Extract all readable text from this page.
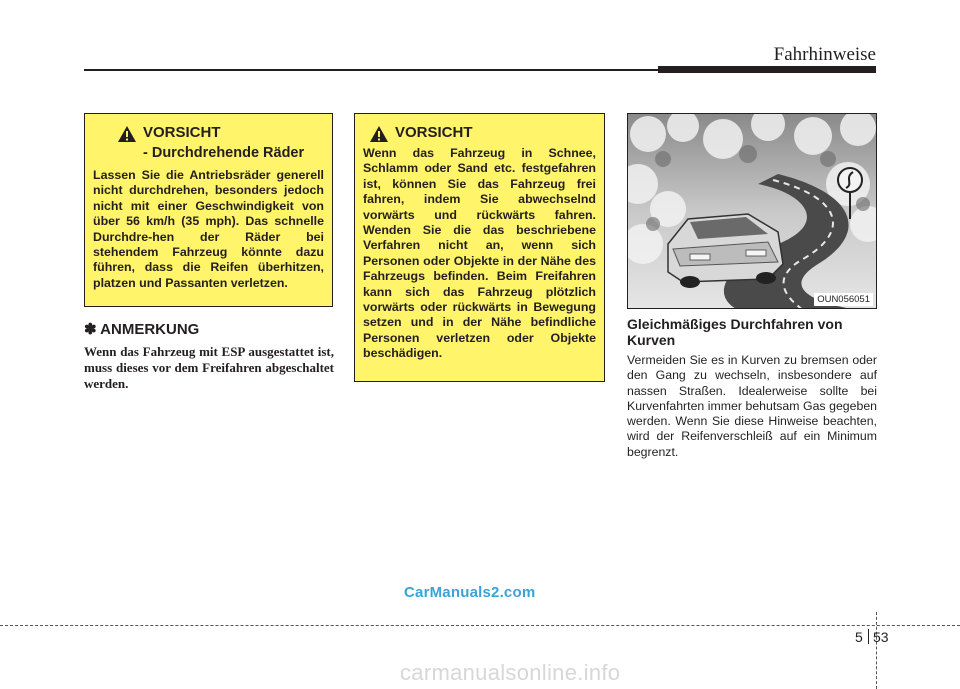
Fahrhinweise
VORSICHT
- Durchdrehende Räder
Lassen Sie die Antriebsräder generell nicht durchdrehen, besonders jedoch nicht mit einer Geschwindigkeit von über 56 km/h (35 mph). Das schnelle Durchdre-hen der Räder bei stehendem Fahrzeug könnte dazu führen, dass die Reifen überhitzen, platzen und Passanten verletzen.
✽ ANMERKUNG
Wenn das Fahrzeug mit ESP ausgestattet ist, muss dieses vor dem Freifahren abgeschaltet werden.
VORSICHT
Wenn das Fahrzeug in Schnee, Schlamm oder Sand etc. festgefahren ist, können Sie das Fahrzeug frei fahren, indem Sie abwechselnd vorwärts und rückwärts fahren. Wenden Sie die das beschriebene Verfahren nicht an, wenn sich Personen oder Objekte in der Nähe des Fahrzeugs befinden. Beim Freifahren kann sich das Fahrzeug plötzlich vorwärts oder rückwärts in Bewegung setzen und in der Nähe befindliche Personen verletzen oder Objekte beschädigen.
OUN056051
Gleichmäßiges Durchfahren von Kurven
Vermeiden Sie es in Kurven zu bremsen oder den Gang zu wechseln, insbesondere auf nassen Straßen. Idealerweise sollte bei Kurvenfahrten immer behutsam Gas gegeben werden. Wenn Sie diese Hinweise beachten, wird der Reifenverschleiß auf ein Minimum begrenzt.
CarManuals2.com
5 53
carmanualsonline.info
